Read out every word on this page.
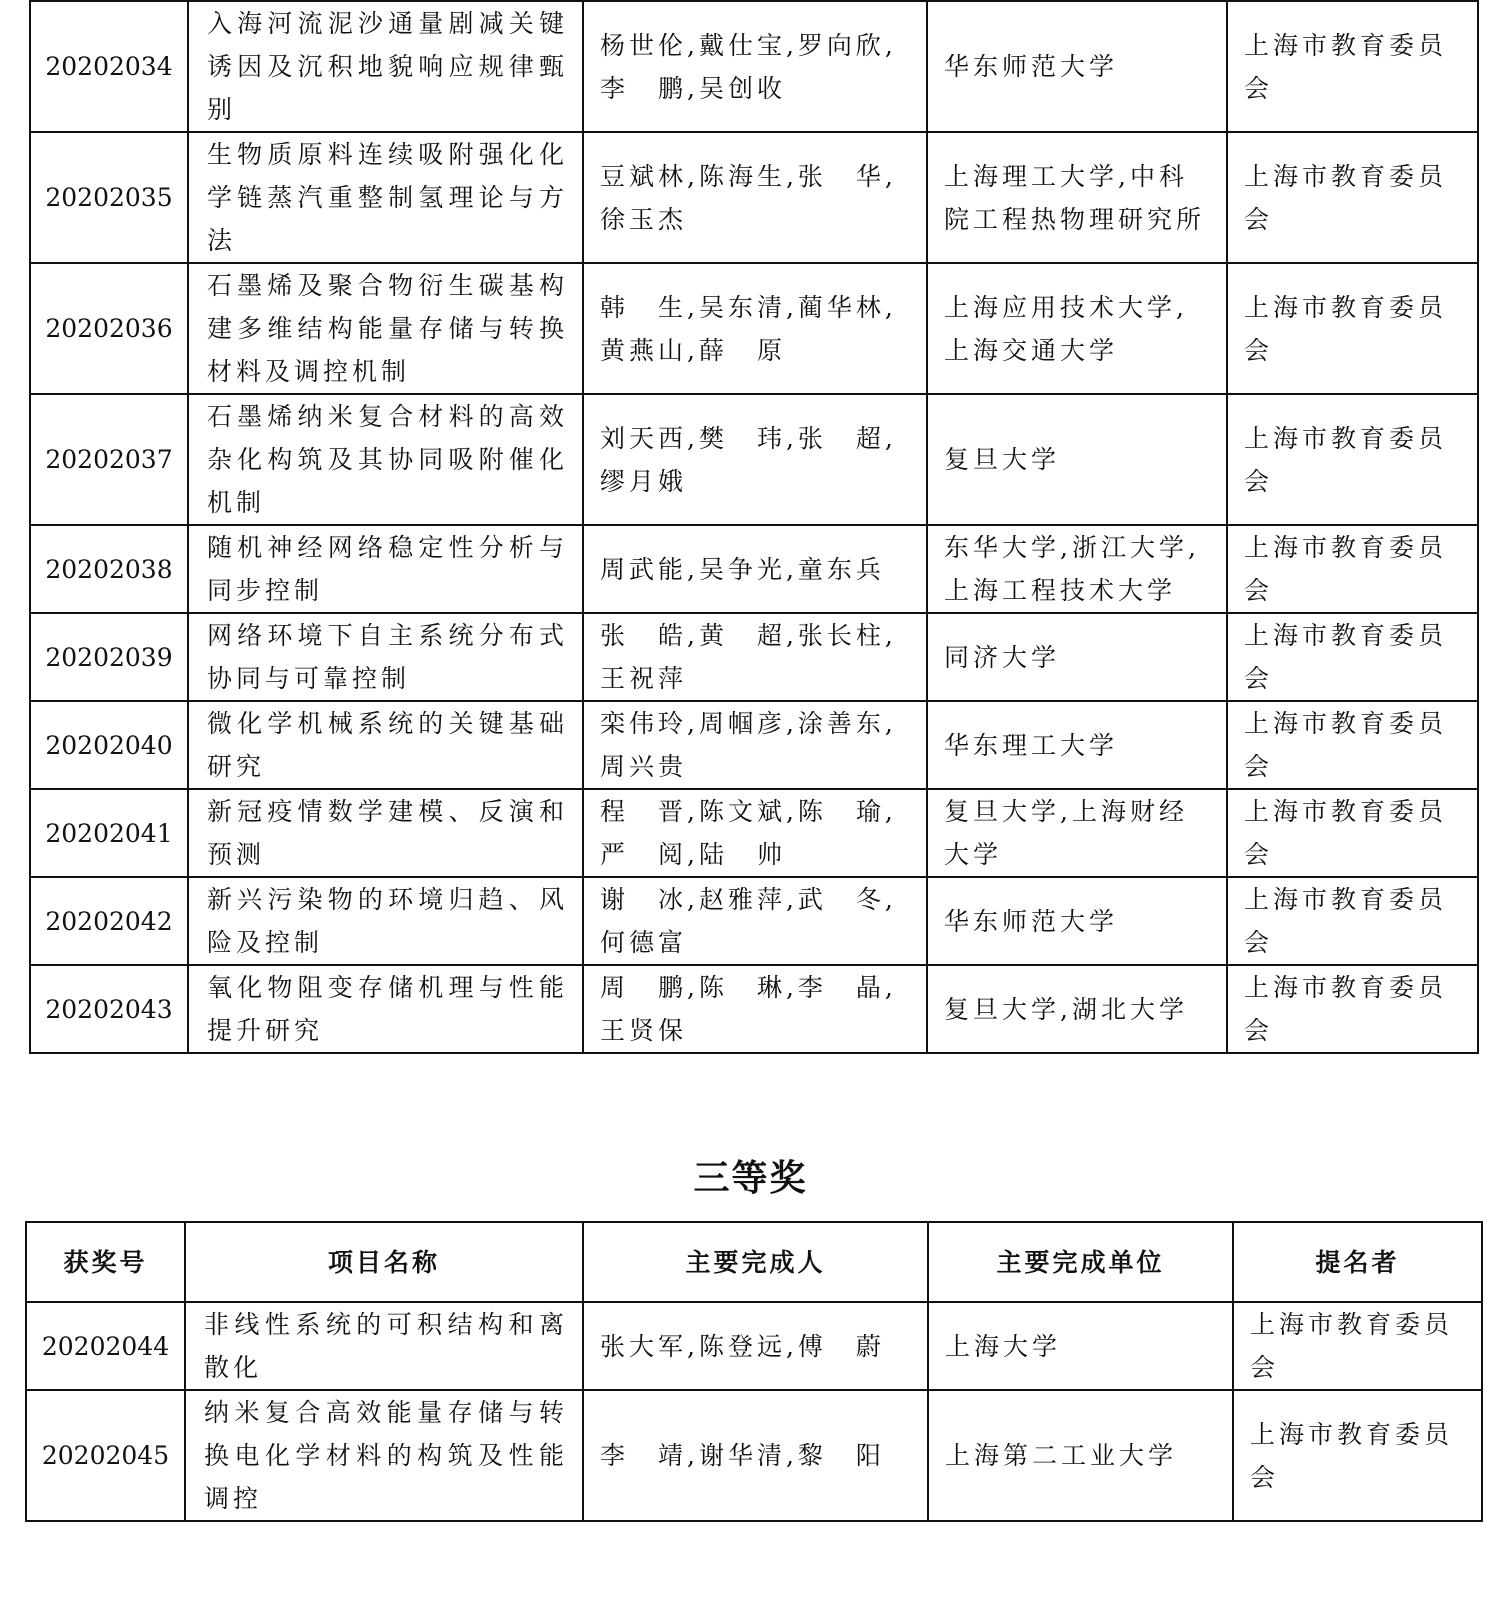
20202034	入海河流泥沙通量剧减关键诱因及沉积地貌响应规律甄别	杨世伦,戴仕宝,罗向欣,李　鹏,吴创收	华东师范大学	上海市教育委员会

20202035	生物质原料连续吸附强化化学链蒸汽重整制氢理论与方法	豆斌林,陈海生,张　华,徐玉杰	上海理工大学,中科院工程热物理研究所	上海市教育委员会

20202036	石墨烯及聚合物衍生碳基构建多维结构能量存储与转换材料及调控机制	韩　生,吴东清,蔺华林,黄燕山,薛　原	上海应用技术大学,上海交通大学	上海市教育委员会

20202037	石墨烯纳米复合材料的高效杂化构筑及其协同吸附催化机制	刘天西,樊　玮,张　超,缪月娥	复旦大学	上海市教育委员会

20202038	随机神经网络稳定性分析与同步控制	周武能,吴争光,童东兵	东华大学,浙江大学,上海工程技术大学	上海市教育委员会

20202039	网络环境下自主系统分布式协同与可靠控制	张　皓,黄　超,张长柱,王祝萍	同济大学	上海市教育委员会

20202040	微化学机械系统的关键基础研究	栾伟玲,周帼彦,涂善东,周兴贵	华东理工大学	上海市教育委员会

20202041	新冠疫情数学建模、反演和预测	程　晋,陈文斌,陈　瑜,严　阅,陆　帅	复旦大学,上海财经大学	上海市教育委员会

20202042	新兴污染物的环境归趋、风险及控制	谢　冰,赵雅萍,武　冬,何德富	华东师范大学	上海市教育委员会

20202043	氧化物阻变存储机理与性能提升研究	周　鹏,陈　琳,李　晶,王贤保	复旦大学,湖北大学	上海市教育委员会
三等奖
获奖号	项目名称	主要完成人	主要完成单位	提名者

20202044	非线性系统的可积结构和离散化	张大军,陈登远,傅　蔚	上海大学	上海市教育委员会

20202045	纳米复合高效能量存储与转换电化学材料的构筑及性能调控	李　靖,谢华清,黎　阳	上海第二工业大学	上海市教育委员会
